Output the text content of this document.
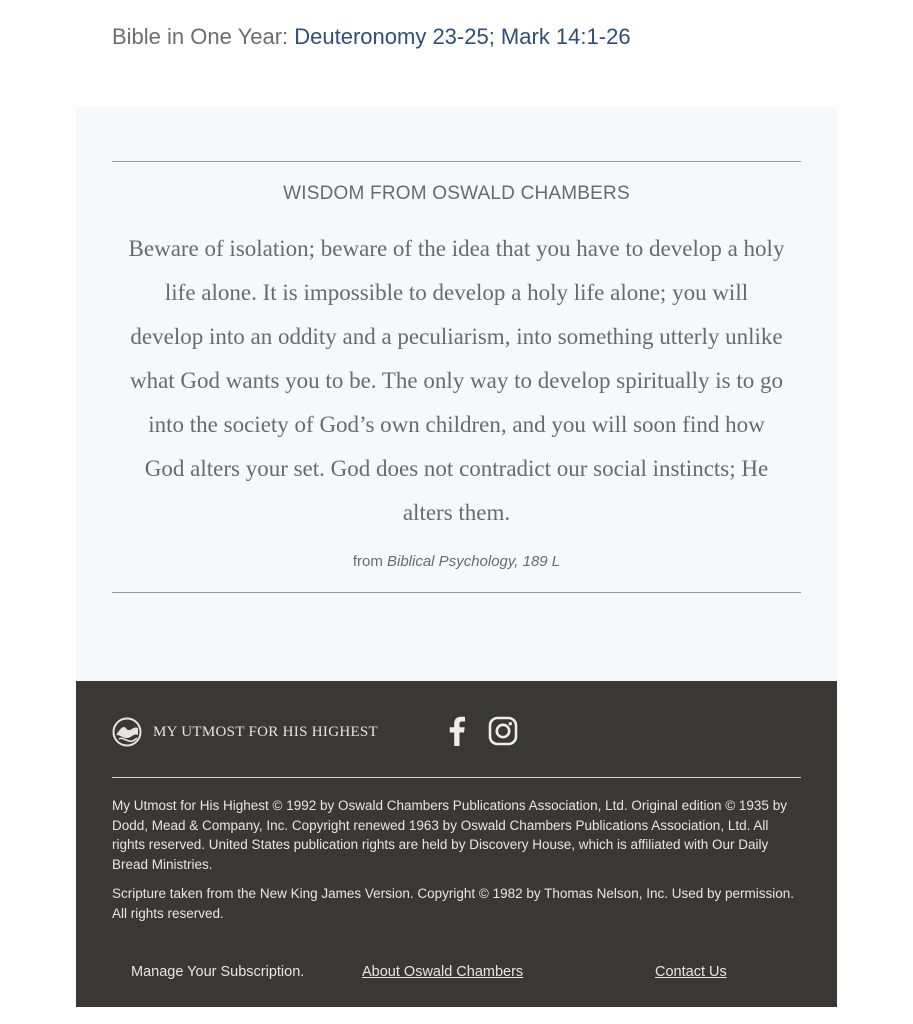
Bible in One Year: Deuteronomy 23-25; Mark 14:1-26
WISDOM FROM OSWALD CHAMBERS
Beware of isolation; beware of the idea that you have to develop a holy life alone. It is impossible to develop a holy life alone; you will develop into an oddity and a peculiarism, into something utterly unlike what God wants you to be. The only way to develop spiritually is to go into the society of God’s own children, and you will soon find how God alters your set. God does not contradict our social instincts; He alters them.
from Biblical Psychology, 189 L
MY UTMOST FOR HIS HIGHEST
My Utmost for His Highest © 1992 by Oswald Chambers Publications Association, Ltd. Original edition © 1935 by Dodd, Mead & Company, Inc. Copyright renewed 1963 by Oswald Chambers Publications Association, Ltd. All rights reserved. United States publication rights are held by Discovery House, which is affiliated with Our Daily Bread Ministries.
Scripture taken from the New King James Version. Copyright © 1982 by Thomas Nelson, Inc. Used by permission. All rights reserved.
Manage Your Subscription.	About Oswald Chambers	Contact Us
